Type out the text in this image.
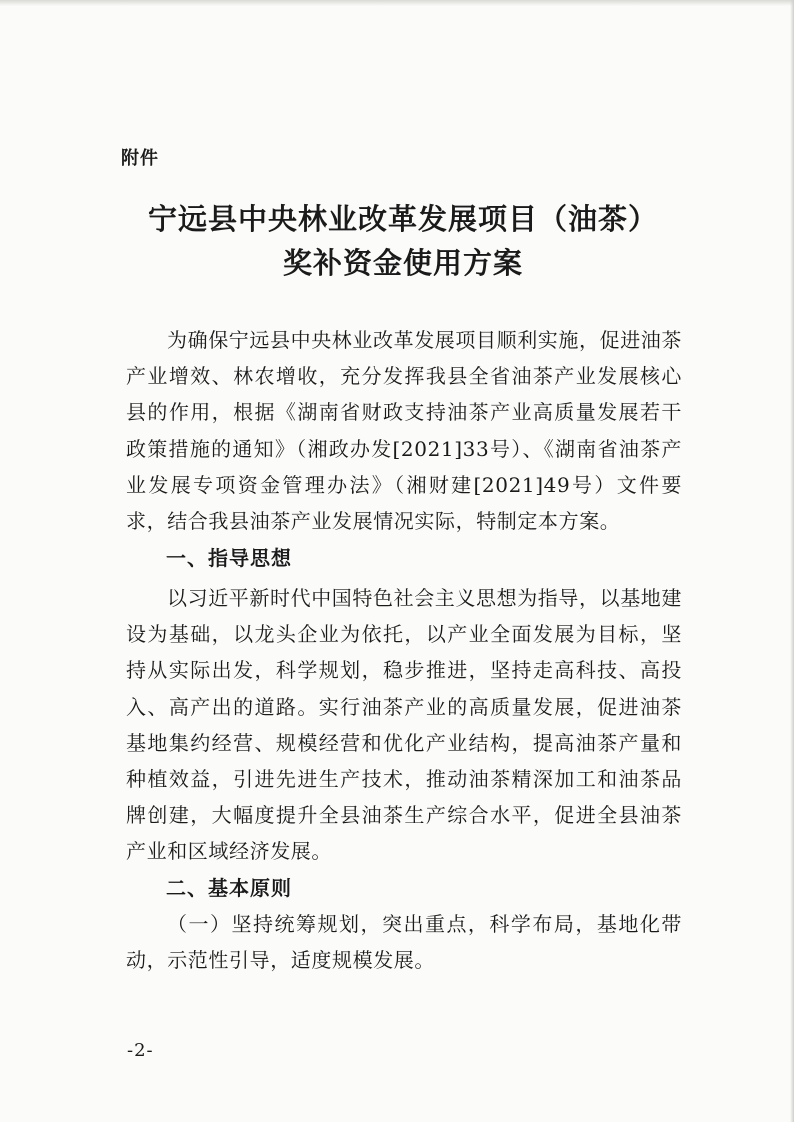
附件
宁远县中央林业改革发展项目（油茶）
奖补资金使用方案

为确保宁远县中央林业改革发展项目顺利实施，促进油茶产业增效、林农增收，充分发挥我县全省油茶产业发展核心县的作用，根据《湖南省财政支持油茶产业高质量发展若干政策措施的通知》（湘政办发[2021]33号）、《湖南省油茶产业发展专项资金管理办法》（湘财建[2021]49号）文件要求，结合我县油茶产业发展情况实际，特制定本方案。

一、指导思想

以习近平新时代中国特色社会主义思想为指导，以基地建设为基础，以龙头企业为依托，以产业全面发展为目标，坚持从实际出发，科学规划，稳步推进，坚持走高科技、高投入、高产出的道路。实行油茶产业的高质量发展，促进油茶基地集约经营、规模经营和优化产业结构，提高油茶产量和种植效益，引进先进生产技术，推动油茶精深加工和油茶品牌创建，大幅度提升全县油茶生产综合水平，促进全县油茶产业和区域经济发展。

二、基本原则

（一）坚持统筹规划，突出重点，科学布局，基地化带动，示范性引导，适度规模发展。

-2-
